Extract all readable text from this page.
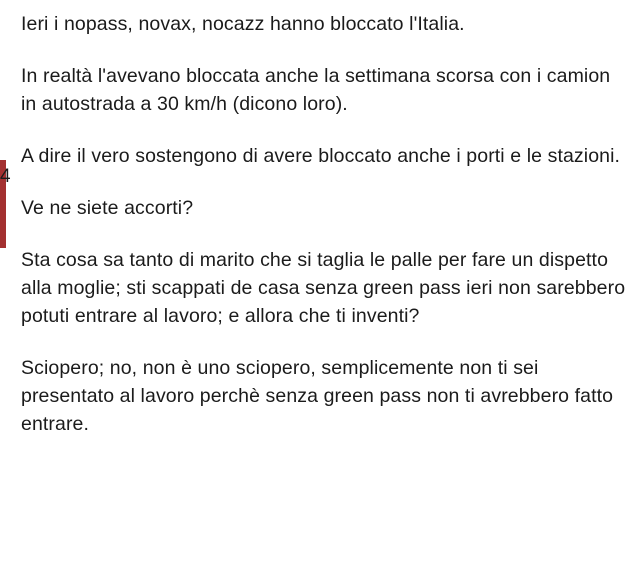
4

Ieri i nopass, novax, nocazz hanno bloccato l'Italia.

In realtà l'avevano bloccata anche la settimana scorsa con i camion in autostrada a 30 km/h (dicono loro).

A dire il vero sostengono di avere bloccato anche i porti e le stazioni.

Ve ne siete accorti?

Sta cosa sa tanto di marito che si taglia le palle per fare un dispetto alla moglie; sti scappati de casa senza green pass ieri non sarebbero potuti entrare al lavoro; e allora che ti inventi?

Sciopero; no, non è uno sciopero, semplicemente non ti sei presentato al lavoro perchè senza green pass non ti avrebbero fatto entrare.
